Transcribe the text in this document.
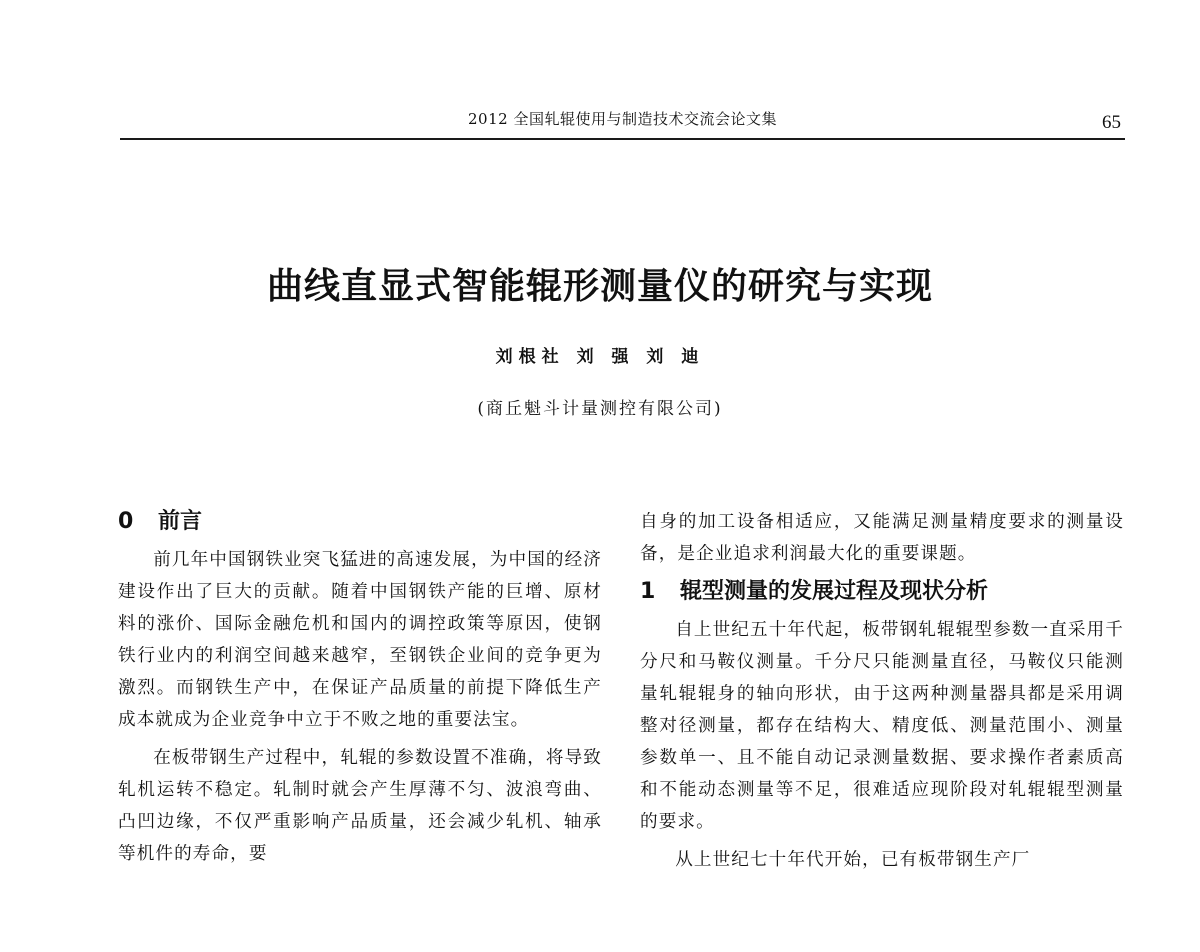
2012 全国轧辊使用与制造技术交流会论文集	65
曲线直显式智能辊形测量仪的研究与实现
刘根社 刘 强 刘 迪
(商丘魁斗计量测控有限公司)
0 前言

前几年中国钢铁业突飞猛进的高速发展，为中国的经济建设作出了巨大的贡献。随着中国钢铁产能的巨增、原材料的涨价、国际金融危机和国内的调控政策等原因，使钢铁行业内的利润空间越来越窄，至钢铁企业间的竞争更为激烈。而钢铁生产中，在保证产品质量的前提下降低生产成本就成为企业竞争中立于不败之地的重要法宝。

在板带钢生产过程中，轧辊的参数设置不准确，将导致轧机运转不稳定。轧制时就会产生厚薄不匀、波浪弯曲、凸凹边缘，不仅严重影响产品质量，还会减少轧机、轴承等机件的寿命，要

自身的加工设备相适应，又能满足测量精度要求的测量设备，是企业追求利润最大化的重要课题。

1 辊型测量的发展过程及现状分析

自上世纪五十年代起，板带钢轧辊辊型参数一直采用千分尺和马鞍仪测量。千分尺只能测量直径，马鞍仪只能测量轧辊辊身的轴向形状，由于这两种测量器具都是采用调整对径测量，都存在结构大、精度低、测量范围小、测量参数单一、且不能自动记录测量数据、要求操作者素质高和不能动态测量等不足，很难适应现阶段对轧辊辊型测量的要求。

从上世纪七十年代开始，已有板带钢生产厂
